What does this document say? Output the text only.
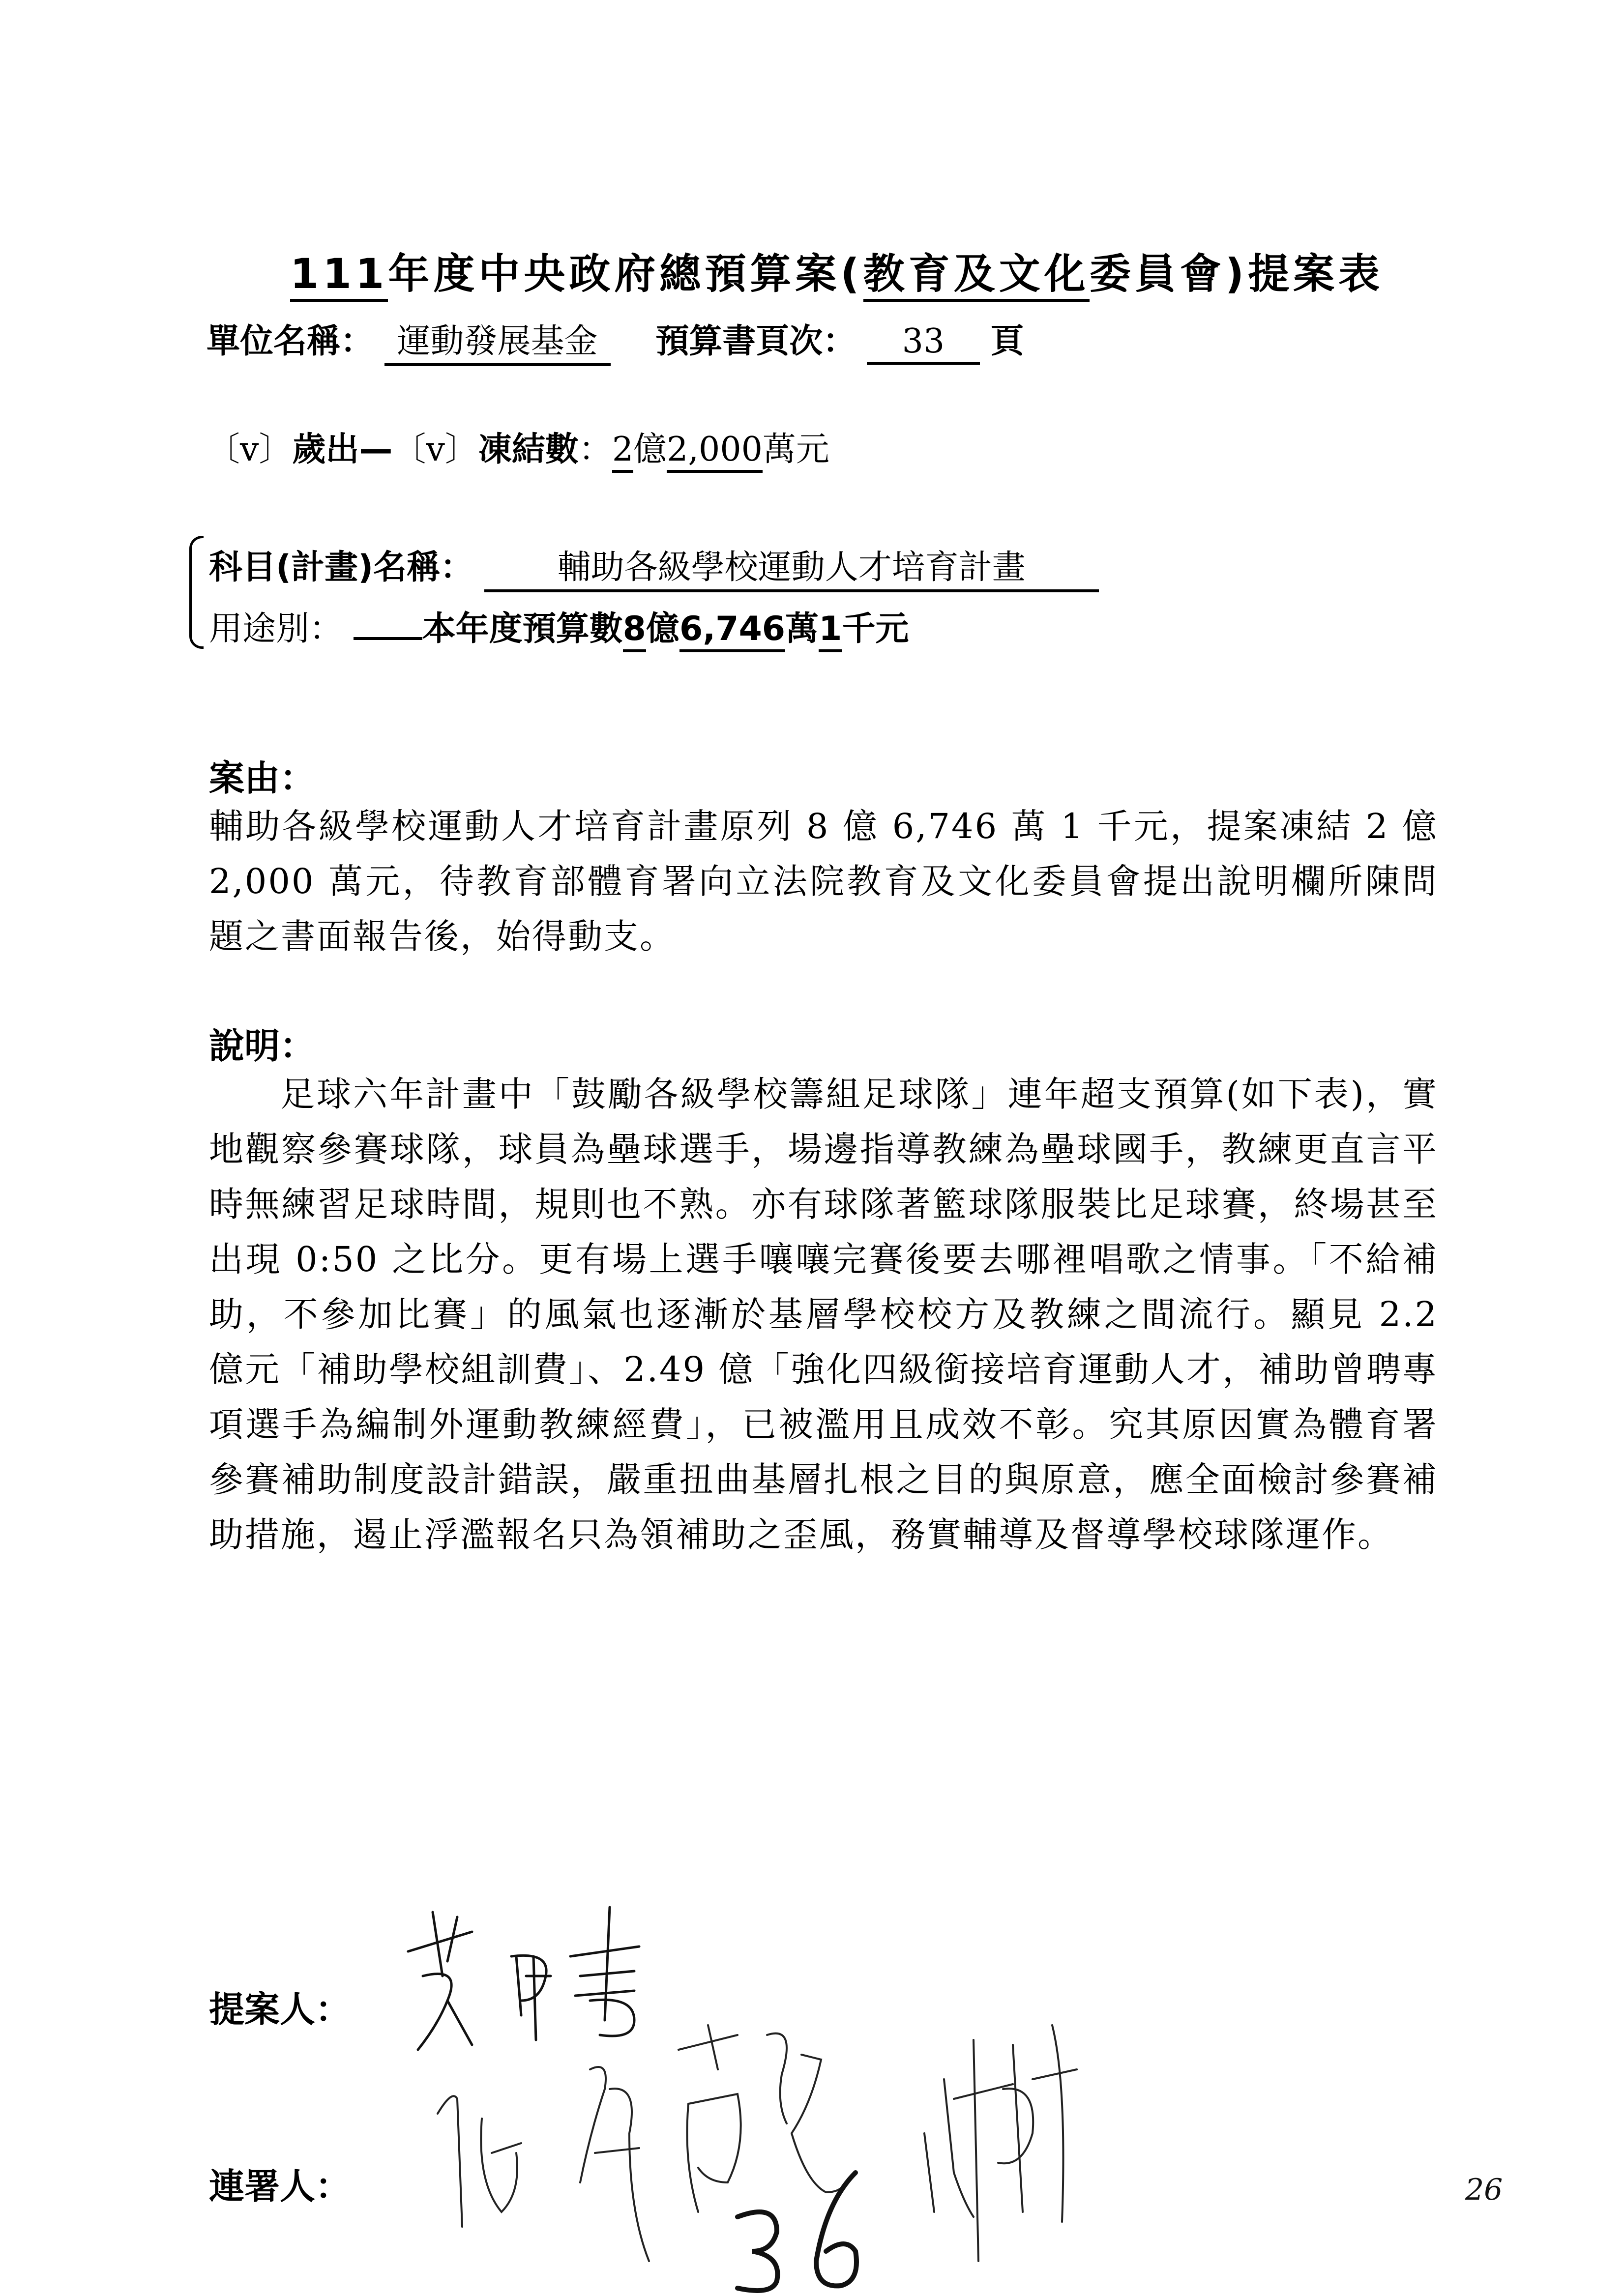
111年度中央政府總預算案(教育及文化委員會)提案表
單位名稱： 運動發展基金 預算書頁次： 33 頁
〔v〕歲出—〔v〕凍結數：2億2,000萬元
科目(計畫)名稱：	輔助各級學校運動人才培育計畫
用途別： 本年度預算數8億6,746萬1千元
案由：

輔助各級學校運動人才培育計畫原列 8 億 6,746 萬 1 千元，提案凍結 2 億 2,000 萬元，待教育部體育署向立法院教育及文化委員會提出說明欄所陳問題之書面報告後，始得動支。

說明：

足球六年計畫中「鼓勵各級學校籌組足球隊」連年超支預算(如下表)，實地觀察參賽球隊，球員為壘球選手，場邊指導教練為壘球國手，教練更直言平時無練習足球時間，規則也不熟。亦有球隊著籃球隊服裝比足球賽，終場甚至出現 0:50 之比分。更有場上選手嚷嚷完賽後要去哪裡唱歌之情事。「不給補助，不參加比賽」的風氣也逐漸於基層學校校方及教練之間流行。顯見 2.2 億元「補助學校組訓費」、2.49 億「強化四級銜接培育運動人才，補助曾聘專項選手為編制外運動教練經費」，已被濫用且成效不彰。究其原因實為體育署參賽補助制度設計錯誤，嚴重扭曲基層扎根之目的與原意，應全面檢討參賽補助措施，遏止浮濫報名只為領補助之歪風，務實輔導及督導學校球隊運作。

提案人：
連署人：	26
